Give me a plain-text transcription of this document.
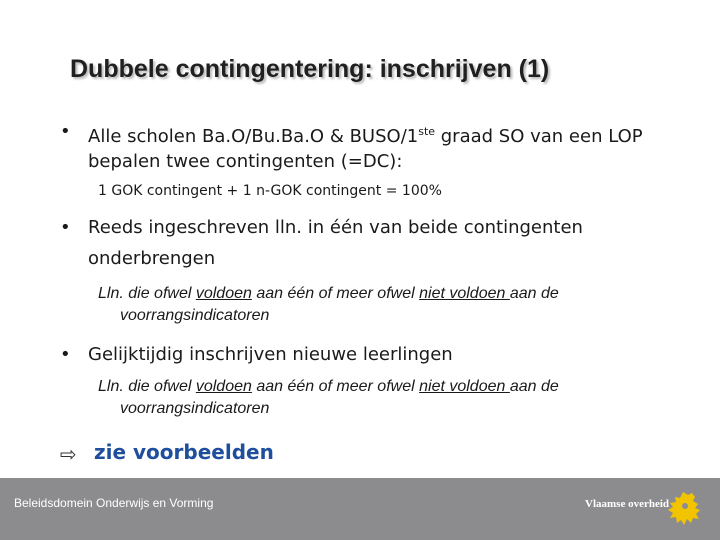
Dubbele contingentering: inschrijven (1)
• Alle scholen Ba.O/Bu.Ba.O & BUSO/1ste graad SO van een LOP
bepalen twee contingenten (=DC):
1 GOK contingent + 1 n-GOK contingent = 100%
• Reeds ingeschreven lln. in één van beide contingenten
onderbrengen
Lln. die ofwel voldoen aan één of meer ofwel niet voldoen aan de
voorrangsindicatoren
• Gelijktijdig inschrijven nieuwe leerlingen
Lln. die ofwel voldoen aan één of meer ofwel niet voldoen aan de
voorrangsindicatoren
⇨ zie voorbeelden
Beleidsdomein Onderwijs en Vorming	Vlaamse overheid
